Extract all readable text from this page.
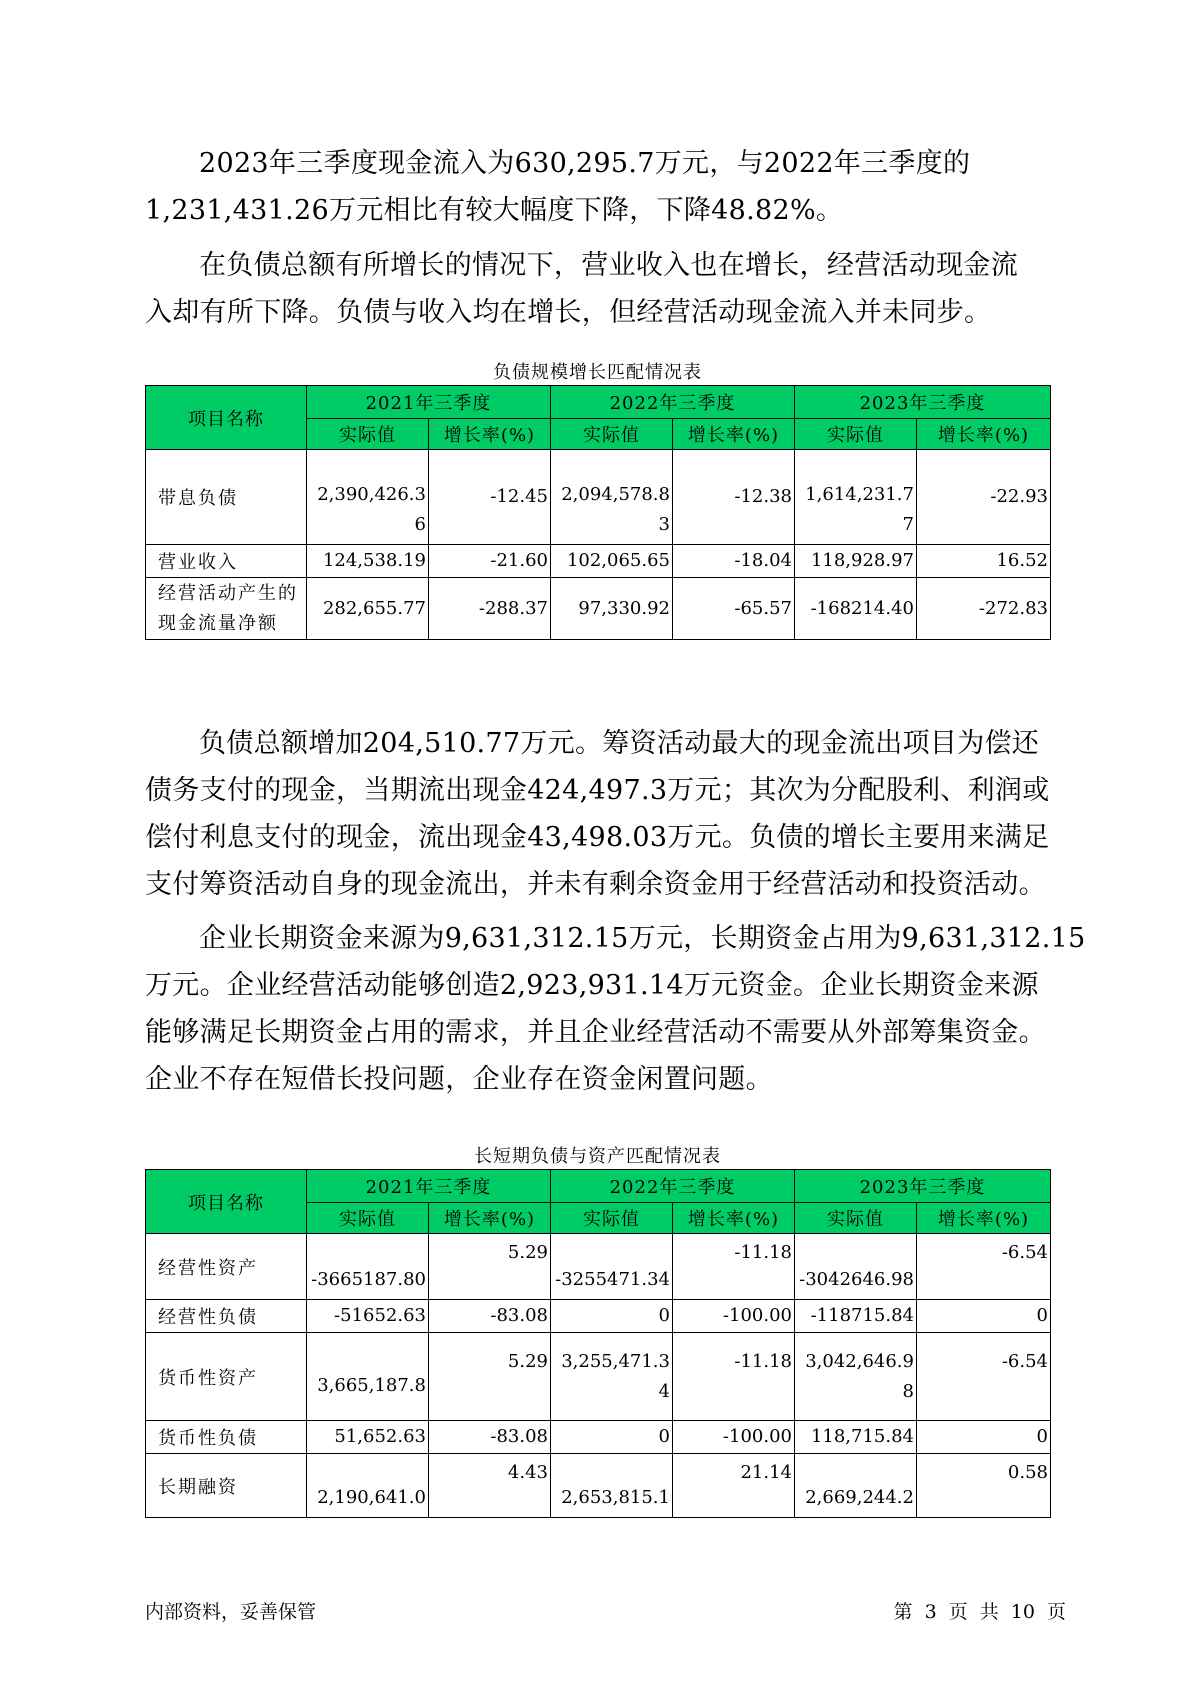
2023年三季度现金流入为630,295.7万元，与2022年三季度的
1,231,431.26万元相比有较大幅度下降，下降48.82%。

在负债总额有所增长的情况下，营业收入也在增长，经营活动现金流
入却有所下降。负债与收入均在增长，但经营活动现金流入并未同步。

负债规模增长匹配情况表
项目名称	2021年三季度		2022年三季度		2023年三季度	
	实际值	增长率(%)	实际值	增长率(%)	实际值	增长率(%)
带息负债	2,390,426.36	-12.45	2,094,578.83	-12.38	1,614,231.77	-22.93
营业收入	124,538.19	-21.60	102,065.65	-18.04	118,928.97	16.52
经营活动产生的现金流量净额	282,655.77	-288.37	97,330.92	-65.57	-168214.40	-272.83

负债总额增加204,510.77万元。筹资活动最大的现金流出项目为偿还
债务支付的现金，当期流出现金424,497.3万元；其次为分配股利、利润或
偿付利息支付的现金，流出现金43,498.03万元。负债的增长主要用来满足
支付筹资活动自身的现金流出，并未有剩余资金用于经营活动和投资活动。

企业长期资金来源为9,631,312.15万元，长期资金占用为9,631,312.15
万元。企业经营活动能够创造2,923,931.14万元资金。企业长期资金来源
能够满足长期资金占用的需求，并且企业经营活动不需要从外部筹集资金。
企业不存在短借长投问题，企业存在资金闲置问题。

长短期负债与资产匹配情况表
项目名称	2021年三季度		2022年三季度		2023年三季度	
	实际值	增长率(%)	实际值	增长率(%)	实际值	增长率(%)
经营性资产	-3665187.80	5.29	-3255471.34	-11.18	-3042646.98	-6.54
经营性负债	-51652.63	-83.08	0	-100.00	-118715.84	0
货币性资产	3,665,187.8	5.29	3,255,471.34	-11.18	3,042,646.98	-6.54
货币性负债	51,652.63	-83.08	0	-100.00	118,715.84	0
长期融资	2,190,641.0	4.43	2,653,815.1	21.14	2,669,244.2	0.58
内部资料，妥善保管	第 3 页 共 10 页
